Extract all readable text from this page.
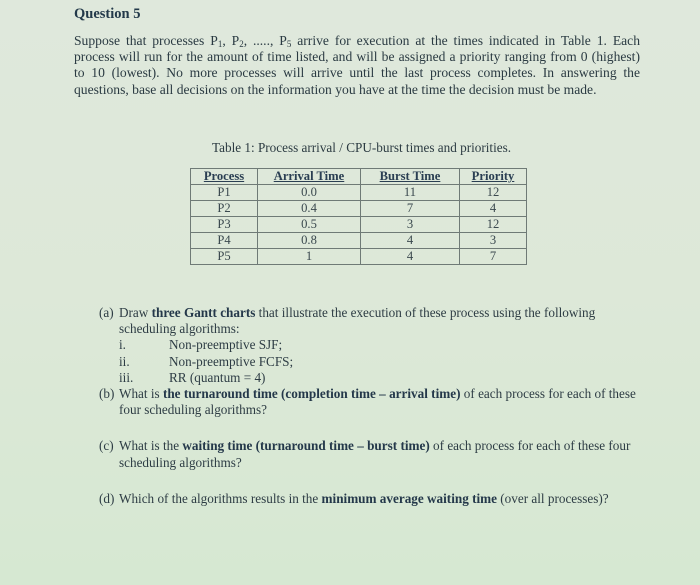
Question 5
Suppose that processes $P_1$, $P_2$, ....., $P_5$ arrive for execution at the times indicated in Table 1. Each process will run for the amount of time listed, and will be assigned a priority ranging from 0 (highest) to 10 (lowest). No more processes will arrive until the last process completes. In answering the questions, base all decisions on the information you have at the time the decision must be made.
Table 1: Process arrival / CPU-burst times and priorities.
Process	Arrival Time	Burst Time	Priority
P1	0.0	11	12
P2	0.4	7	4
P3	0.5	3	12
P4	0.8	4	3
P5	1	4	7
(a) Draw three Gantt charts that illustrate the execution of these process using the following scheduling algorithms:
i.	Non-preemptive SJF;
ii.	Non-preemptive FCFS;
iii.	RR (quantum = 4)
(b) What is the turnaround time (completion time – arrival time) of each process for each of these four scheduling algorithms?
(c) What is the waiting time (turnaround time – burst time) of each process for each of these four scheduling algorithms?
(d) Which of the algorithms results in the minimum average waiting time (over all processes)?
